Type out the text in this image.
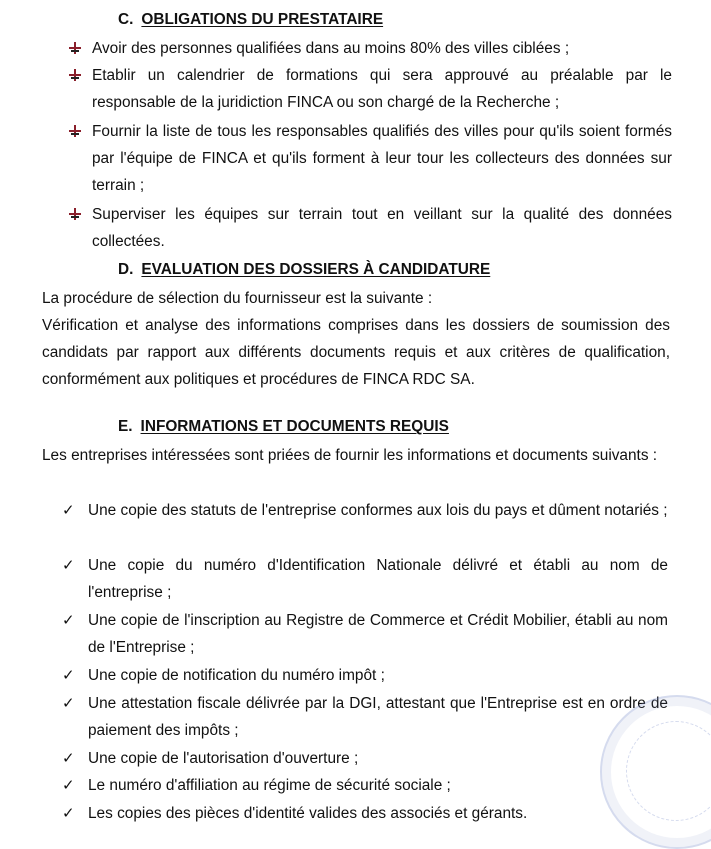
C. OBLIGATIONS DU PRESTATAIRE
Avoir des personnes qualifiées dans au moins 80% des villes ciblées ;
Etablir un calendrier de formations qui sera approuvé au préalable par le responsable de la juridiction FINCA ou son chargé de la Recherche ;
Fournir la liste de tous les responsables qualifiés des villes pour qu'ils soient formés par l'équipe de FINCA et qu'ils forment à leur tour les collecteurs des données sur terrain ;
Superviser les équipes sur terrain tout en veillant sur la qualité des données collectées.
D. EVALUATION DES DOSSIERS À CANDIDATURE
La procédure de sélection du fournisseur est la suivante :
Vérification et analyse des informations comprises dans les dossiers de soumission des candidats par rapport aux différents documents requis et aux critères de qualification, conformément aux politiques et procédures de FINCA RDC SA.
E. INFORMATIONS ET DOCUMENTS REQUIS
Les entreprises intéressées sont priées de fournir les informations et documents suivants :
✓ Une copie des statuts de l'entreprise conformes aux lois du pays et dûment notariés ;
✓ Une copie du numéro d'Identification Nationale délivré et établi au nom de l'entreprise ;
✓ Une copie de l'inscription au Registre de Commerce et Crédit Mobilier, établi au nom de l'Entreprise ;
✓ Une copie de notification du numéro impôt ;
✓ Une attestation fiscale délivrée par la DGI, attestant que l'Entreprise est en ordre de paiement des impôts ;
✓ Une copie de l'autorisation d'ouverture ;
✓ Le numéro d'affiliation au régime de sécurité sociale ;
✓ Les copies des pièces d'identité valides des associés et gérants.
